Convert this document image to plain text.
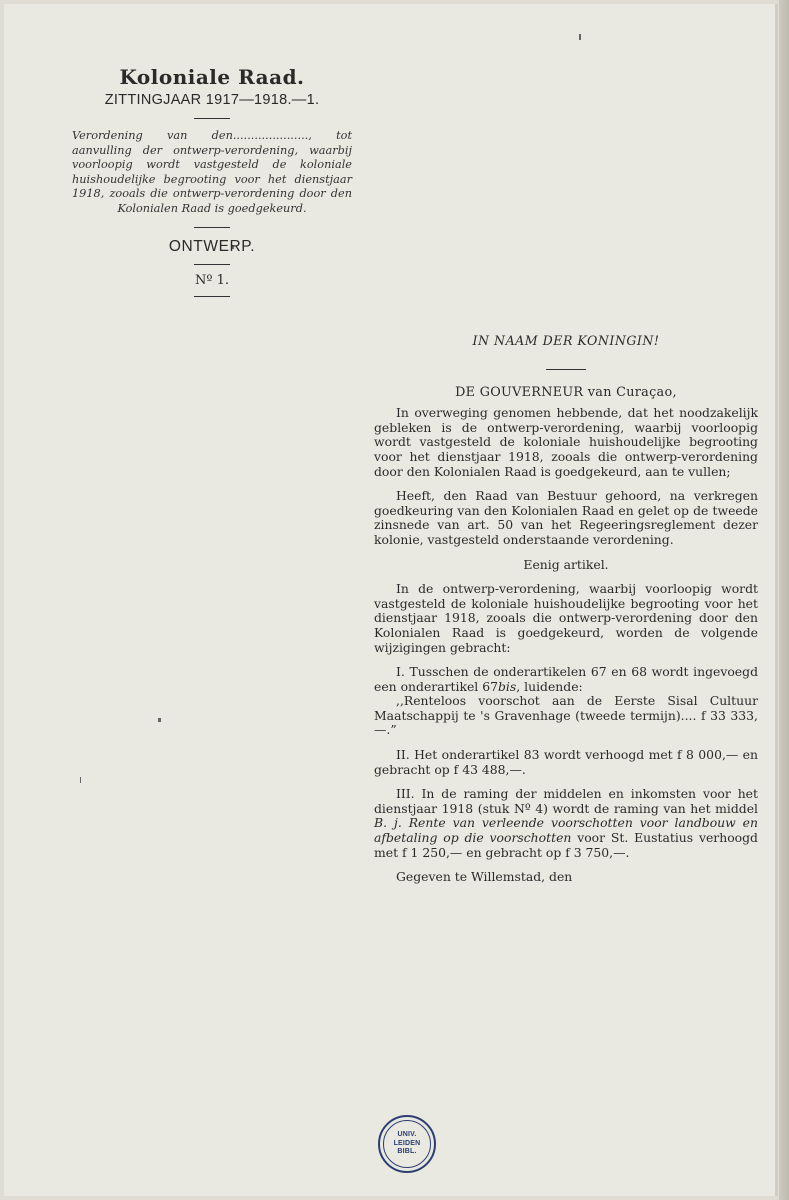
Koloniale Raad.
ZITTINGJAAR 1917—1918.—1.

Verordening van den....................., tot aanvulling der ontwerp-verordening, waarbij voorloopig wordt vastgesteld de koloniale huishoudelijke begrooting voor het dienstjaar 1918, zooals die ontwerp-verordening door den Kolonialen Raad is goedgekeurd.

ONTWERP.
Nº 1.

IN NAAM DER KONINGIN!

DE GOUVERNEUR van Curaçao,

In overweging genomen hebbende, dat het noodzakelijk gebleken is de ontwerp-verordening, waarbij voorloopig wordt vastgesteld de koloniale huishoudelijke begrooting voor het dienstjaar 1918, zooals die ontwerp-verordening door den Kolonialen Raad is goedgekeurd, aan te vullen;

Heeft, den Raad van Bestuur gehoord, na verkregen goedkeuring van den Kolonialen Raad en gelet op de tweede zinsnede van art. 50 van het Regeeringsreglement dezer kolonie, vastgesteld onderstaande verordening.

Eenig artikel.

In de ontwerp-verordening, waarbij voorloopig wordt vastgesteld de koloniale huishoudelijke begrooting voor het dienstjaar 1918, zooals die ontwerp-verordening door den Kolonialen Raad is goedgekeurd, worden de volgende wijzigingen gebracht:

I. Tusschen de onderartikelen 67 en 68 wordt ingevoegd een onderartikel 67bis, luidende:

,,Renteloos voorschot aan de Eerste Sisal Cultuur Maatschappij te 's Gravenhage (tweede termijn).... f 33 333,—.”

II. Het onderartikel 83 wordt verhoogd met f 8 000,— en gebracht op f 43 488,—.

III. In de raming der middelen en inkomsten voor het dienstjaar 1918 (stuk Nº 4) wordt de raming van het middel B. j. Rente van verleende voorschotten voor landbouw en afbetaling op die voorschotten voor St. Eustatius verhoogd met f 1 250,— en gebracht op f 3 750,—.

Gegeven te Willemstad, den

UNIV.
LEIDEN
BIBL.
